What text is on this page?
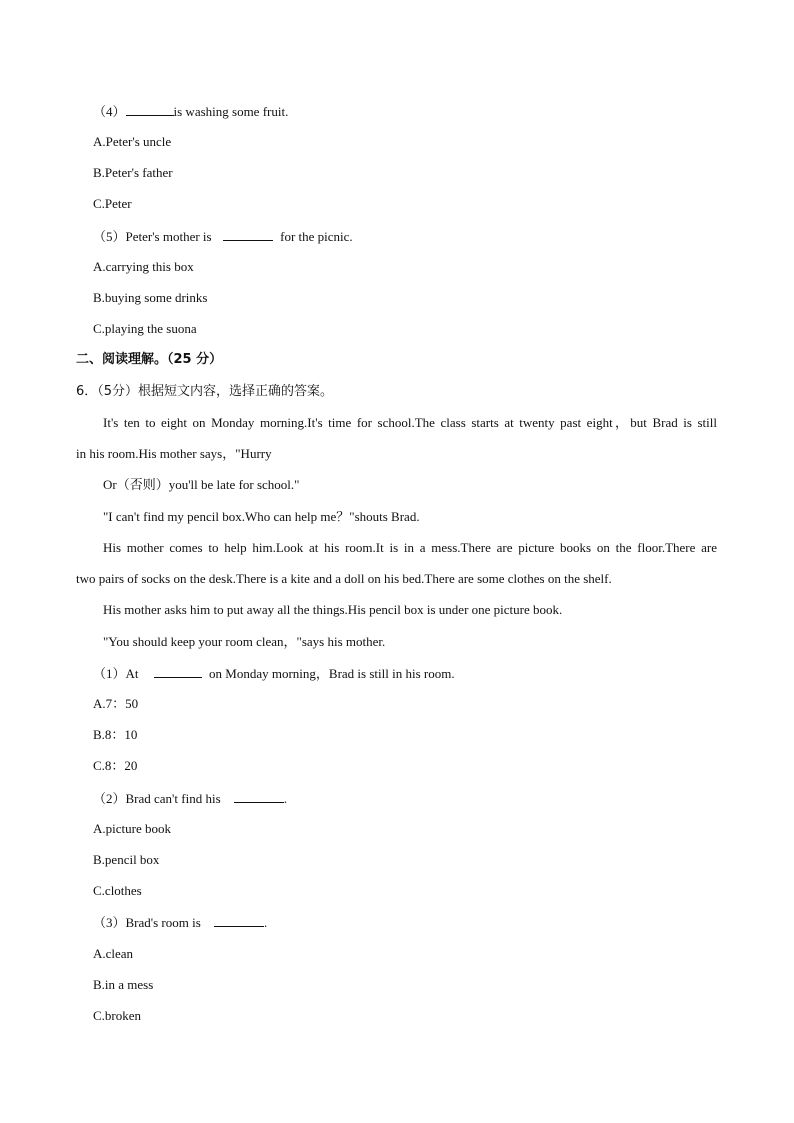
（4）	is washing some fruit.
A.Peter's uncle
B.Peter's father
C.Peter
（5）Peter's mother is	for the picnic.
A.carrying this box
B.buying some drinks
C.playing the suona
二、阅读理解。（25 分）
6．（5分）根据短文内容，选择正确的答案。
It's ten to eight on Monday morning.It's time for school.The class starts at twenty past eight，but Brad is still
in his room.His mother says，"Hurry
Or（否则）you'll be late for school."
"I can't find my pencil box.Who can help me？"shouts Brad.
His mother comes to help him.Look at his room.It is in a mess.There are picture books on the floor.There are
two pairs of socks on the desk.There is a kite and a doll on his bed.There are some clothes on the shelf.
His mother asks him to put away all the things.His pencil box is under one picture book.
"You should keep your room clean，"says his mother.
（1）At	on Monday morning，Brad is still in his room.
A.7：50
B.8：10
C.8：20
（2）Brad can't find his	.
A.picture book
B.pencil box
C.clothes
（3）Brad's room is	.
A.clean
B.in a mess
C.broken
